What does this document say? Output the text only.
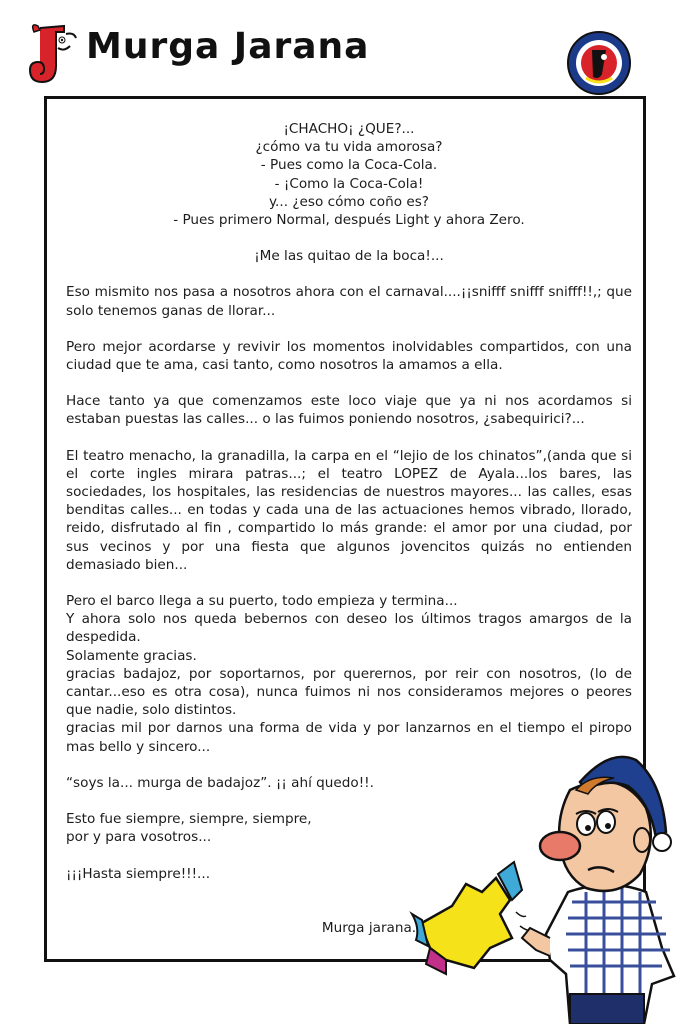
Murga Jarana

¡CHACHO¡ ¿QUE?...

¿cómo va tu vida amorosa?

- Pues como la Coca-Cola.

- ¡Como la Coca-Cola!

y... ¿eso cómo coño es?

- Pues primero Normal, después Light y ahora Zero.

¡Me las quitao de la boca!...

Eso mismito nos pasa a nosotros ahora con el carnaval....¡¡snifff snifff snifff!!,; que solo tenemos ganas de llorar...

Pero mejor acordarse y revivir los momentos inolvidables compartidos, con una ciudad que te ama, casi tanto, como nosotros la amamos a ella.

Hace tanto ya que comenzamos este loco viaje que ya ni nos acordamos si estaban puestas las calles... o las fuimos poniendo nosotros, ¿sabequirici?...

El teatro menacho, la granadilla, la carpa en el “lejio de los chinatos”,(anda que si el corte ingles mirara patras...; el teatro LOPEZ de Ayala...los bares, las sociedades, los hospitales, las residencias de nuestros mayores... las calles, esas benditas calles... en todas y cada una de las actuaciones hemos vibrado, llorado, reido, disfrutado al fin , compartido lo más grande: el amor por una ciudad, por sus vecinos y por una fiesta que algunos jovencitos quizás no entienden demasiado bien...

Pero el barco llega a su puerto, todo empieza y termina...

Y ahora solo nos queda bebernos con deseo los últimos tragos amargos de la despedida.

Solamente gracias.

gracias badajoz, por soportarnos, por querernos, por reir con nosotros, (lo de cantar...eso es otra cosa), nunca fuimos ni nos consideramos mejores o peores que nadie, solo distintos.

gracias mil por darnos una forma de vida y por lanzarnos en el tiempo el piropo mas bello y sincero...

“soys la... murga de badajoz”. ¡¡ ahí quedo!!.

Esto fue siempre, siempre, siempre,

por y para vosotros...

¡¡¡Hasta siempre!!!...

Murga jarana.
